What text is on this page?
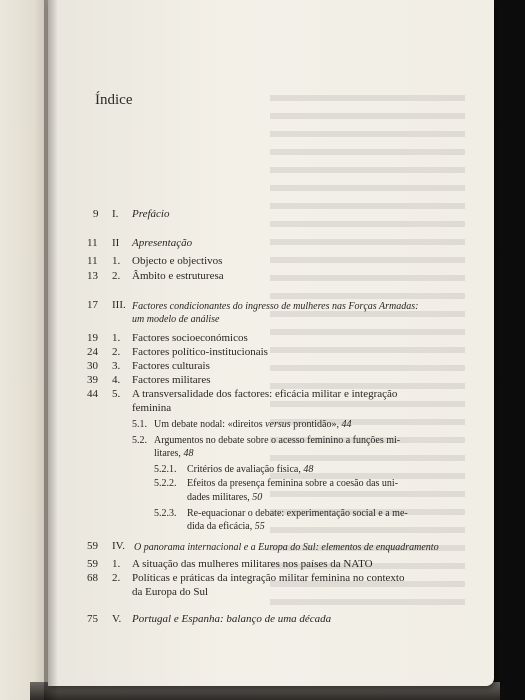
Índice
9 I. Prefácio
11 II Apresentação
11 1. Objecto e objectivos
13 2. Âmbito e estruturesa
17 III. Factores condicionantes do ingresso de mulheres nas Forças Armadas:
um modelo de análise
19 1. Factores socioeconómicos
24 2. Factores político-institucionais
30 3. Factores culturais
39 4. Factores militares
44 5. A transversalidade dos factores: eficácia militar e integração
feminina
5.1. Um debate nodal: «direitos versus prontidão», 44
5.2. Argumentos no debate sobre o acesso feminino a funções mi-
litares, 48
5.2.1. Critérios de avaliação física, 48
5.2.2. Efeitos da presença feminina sobre a coesão das uni-
dades militares, 50
5.2.3. Re-equacionar o debate: experimentação social e a me-
dida da eficácia, 55
59 IV. O panorama internacional e a Europa do Sul: elementos de enquadramento
59 1. A situação das mulheres militares nos países da NATO
68 2. Políticas e práticas da integração militar feminina no contexto
da Europa do Sul
75 V. Portugal e Espanha: balanço de uma década
